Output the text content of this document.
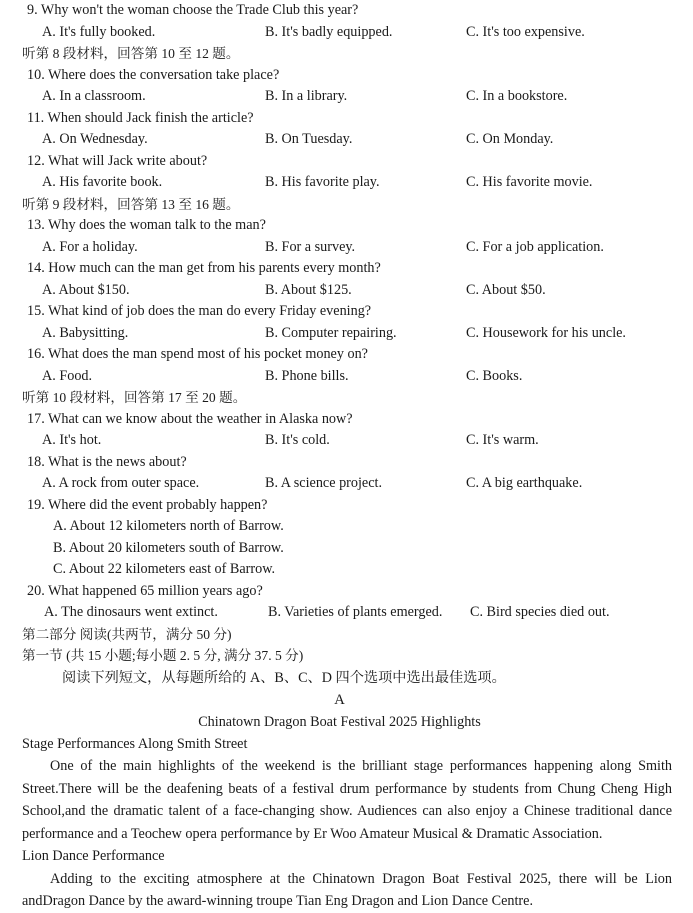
9. Why won't the woman choose the Trade Club this year?
A. It's fully booked.	B. It's badly equipped.	C. It's too expensive.
听第 8 段材料，回答第 10 至 12 题。
10. Where does the conversation take place?
A. In a classroom.	B. In a library.	C. In a bookstore.
11. When should Jack finish the article?
A. On Wednesday.	B. On Tuesday.	C. On Monday.
12. What will Jack write about?
A. His favorite book.	B. His favorite play.	C. His favorite movie.
听第 9 段材料，回答第 13 至 16 题。
13. Why does the woman talk to the man?
A. For a holiday.	B. For a survey.	C. For a job application.
14. How much can the man get from his parents every month?
A. About $150.	B. About $125.	C. About $50.
15. What kind of job does the man do every Friday evening?
A. Babysitting.	B. Computer repairing.	C. Housework for his uncle.
16. What does the man spend most of his pocket money on?
A. Food.	B. Phone bills.	C. Books.
听第 10 段材料，回答第 17 至 20 题。
17. What can we know about the weather in Alaska now?
A. It's hot.	B. It's cold.	C. It's warm.
18. What is the news about?
A. A rock from outer space.	B. A science project.	C. A big earthquake.
19. Where did the event probably happen?
A. About 12 kilometers north of Barrow.
B. About 20 kilometers south of Barrow.
C. About 22 kilometers east of Barrow.
20. What happened 65 million years ago?
A. The dinosaurs went extinct.	B. Varieties of plants emerged. C. Bird species died out.
第二部分 阅读(共两节，满分 50 分)
第一节 (共 15 小题;每小题 2. 5 分, 满分 37. 5 分)
阅读下列短文，从每题所给的 A、B、C、D 四个选项中选出最佳选项。
A
Chinatown Dragon Boat Festival 2025 Highlights
Stage Performances Along Smith Street

One of the main highlights of the weekend is the brilliant stage performances happening along Smith Street.There will be the deafening beats of a festival drum performance by students from Chung Cheng High School,and the dramatic talent of a face-changing show. Audiences can also enjoy a Chinese traditional dance performance and a Teochew opera performance by Er Woo Amateur Musical & Dramatic Association.

Lion Dance Performance

Adding to the exciting atmosphere at the Chinatown Dragon Boat Festival 2025, there will be Lion andDragon Dance by the award-winning troupe Tian Eng Dragon and Lion Dance Centre.
